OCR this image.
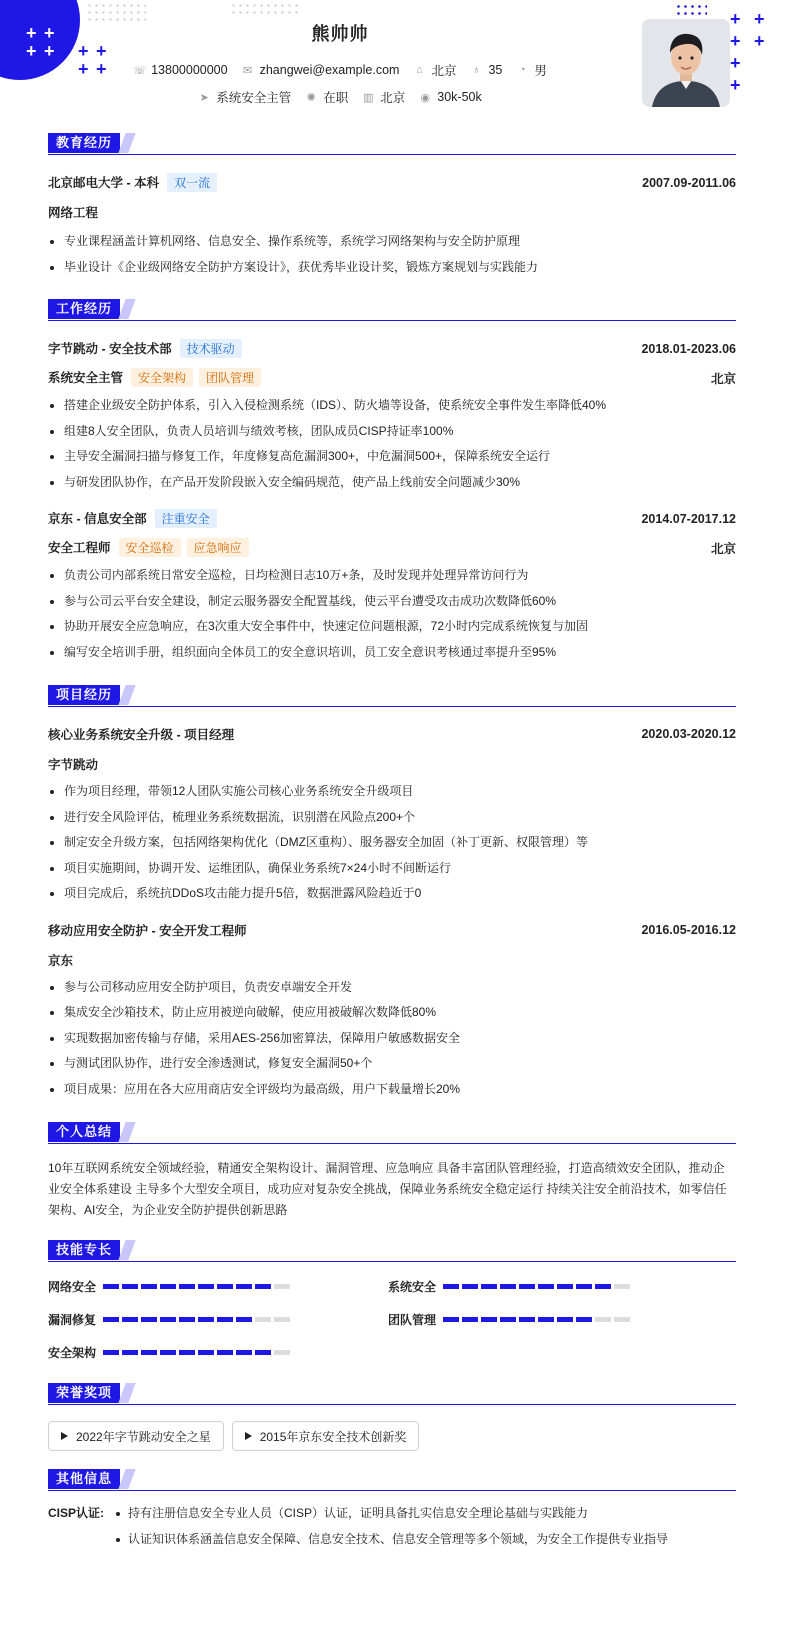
+ +
+ + + +
+ +
+ +
+ +
+
+
熊帅帅
☏ 13800000000 ✉ zhangwei@example.com ⌂ 北京 ♁ 35 ◔ 男
➤ 系统安全主管 ✺ 在职 ▥ 北京 ◉ 30k-50k
教育经历
北京邮电大学 - 本科 双一流	2007.09-2011.06
网络工程
专业课程涵盖计算机网络、信息安全、操作系统等，系统学习网络架构与安全防护原理
毕业设计《企业级网络安全防护方案设计》，获优秀毕业设计奖，锻炼方案规划与实践能力
工作经历
字节跳动 - 安全技术部 技术驱动	2018.01-2023.06
系统安全主管 安全架构 团队管理	北京
搭建企业级安全防护体系，引入入侵检测系统（IDS）、防火墙等设备，使系统安全事件发生率降低40%
组建8人安全团队，负责人员培训与绩效考核，团队成员CISP持证率100%
主导安全漏洞扫描与修复工作，年度修复高危漏洞300+，中危漏洞500+，保障系统安全运行
与研发团队协作，在产品开发阶段嵌入安全编码规范，使产品上线前安全问题减少30%
京东 - 信息安全部 注重安全	2014.07-2017.12
安全工程师 安全巡检 应急响应	北京
负责公司内部系统日常安全巡检，日均检测日志10万+条，及时发现并处理异常访问行为
参与公司云平台安全建设，制定云服务器安全配置基线，使云平台遭受攻击成功次数降低60%
协助开展安全应急响应，在3次重大安全事件中，快速定位问题根源，72小时内完成系统恢复与加固
编写安全培训手册，组织面向全体员工的安全意识培训，员工安全意识考核通过率提升至95%
项目经历
核心业务系统安全升级 - 项目经理	2020.03-2020.12
字节跳动
作为项目经理，带领12人团队实施公司核心业务系统安全升级项目
进行安全风险评估，梳理业务系统数据流，识别潜在风险点200+个
制定安全升级方案，包括网络架构优化（DMZ区重构）、服务器安全加固（补丁更新、权限管理）等
项目实施期间，协调开发、运维团队，确保业务系统7×24小时不间断运行
项目完成后，系统抗DDoS攻击能力提升5倍，数据泄露风险趋近于0
移动应用安全防护 - 安全开发工程师	2016.05-2016.12
京东
参与公司移动应用安全防护项目，负责安卓端安全开发
集成安全沙箱技术，防止应用被逆向破解，使应用被破解次数降低80%
实现数据加密传输与存储，采用AES-256加密算法，保障用户敏感数据安全
与测试团队协作，进行安全渗透测试，修复安全漏洞50+个
项目成果：应用在各大应用商店安全评级均为最高级，用户下载量增长20%
个人总结

10年互联网系统安全领域经验，精通安全架构设计、漏洞管理、应急响应 具备丰富团队管理经验，打造高绩效安全团队，推动企业安全体系建设 主导多个大型安全项目，成功应对复杂安全挑战，保障业务系统安全稳定运行 持续关注安全前沿技术，如零信任架构、AI安全，为企业安全防护提供创新思路

技能专长
网络安全	系统安全
漏洞修复	团队管理
安全架构
荣誉奖项
2022年字节跳动安全之星	2015年京东安全技术创新奖
其他信息
CISP认证:	持有注册信息安全专业人员（CISP）认证，证明具备扎实信息安全理论基础与实践能力
认证知识体系涵盖信息安全保障、信息安全技术、信息安全管理等多个领域，为安全工作提供专业指导
